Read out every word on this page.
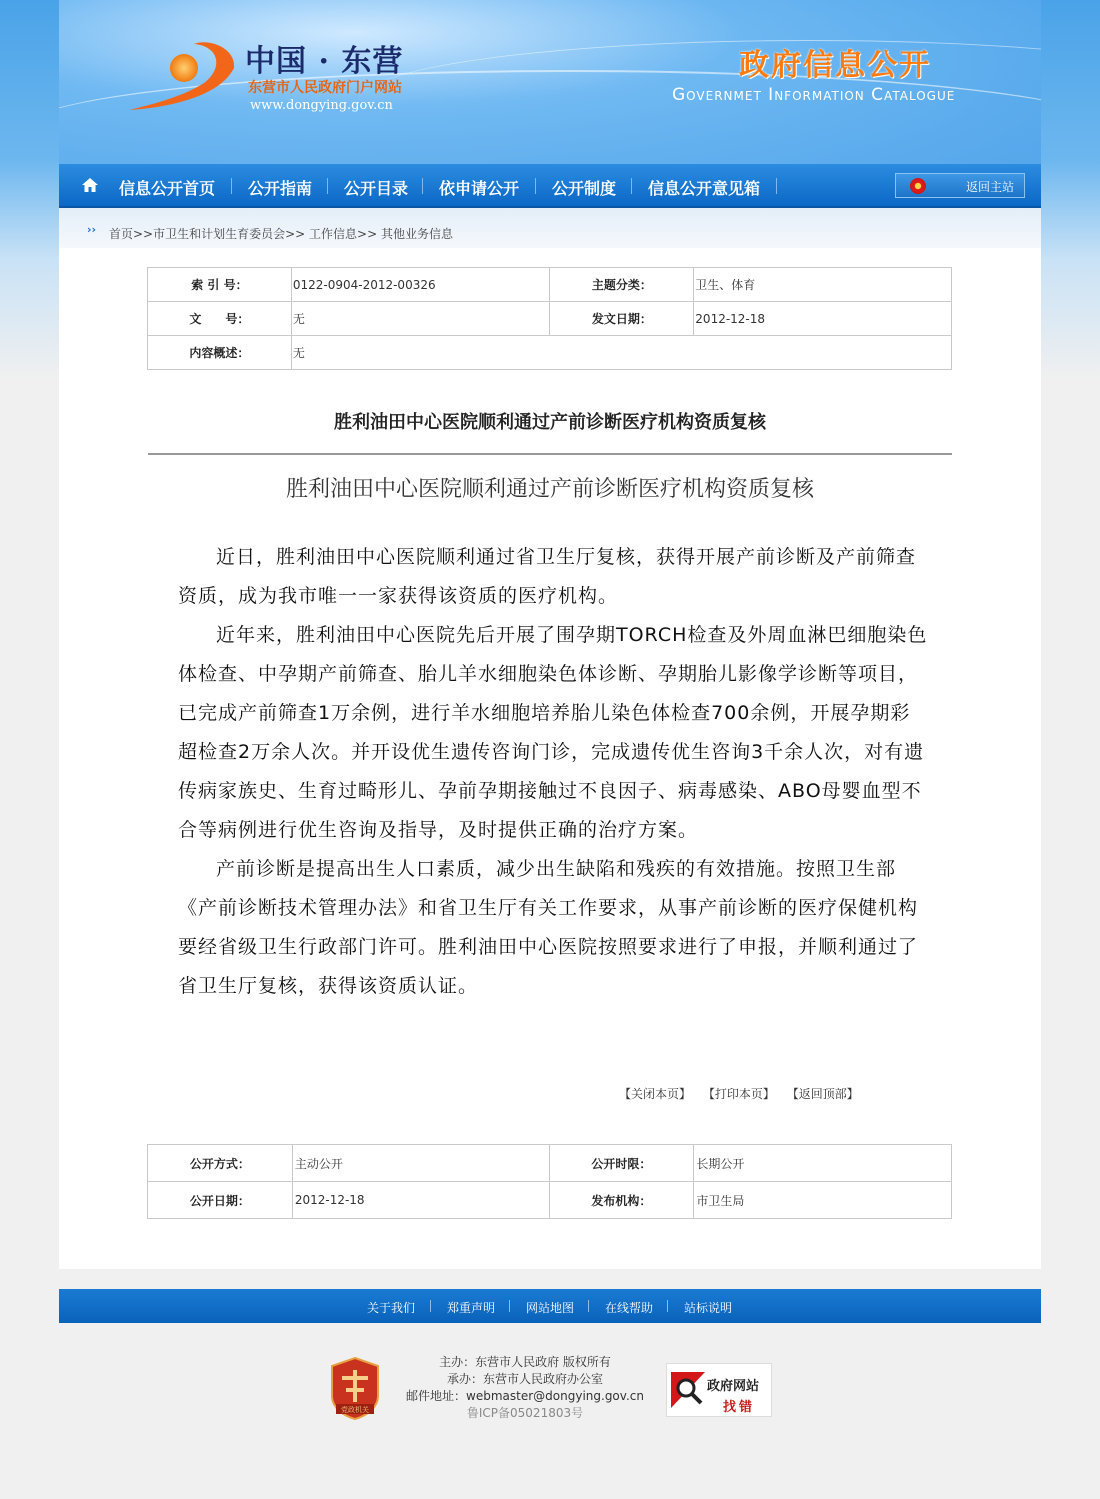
中国 · 东营
东营市人民政府门户网站
www.dongying.gov.cn
政府信息公开
Governmet Information Catalogue
信息公开首页 公开指南 公开目录 依申请公开 公开制度 信息公开意见箱	返回主站
›› 首页>>市卫生和计划生育委员会>> 工作信息>> 其他业务信息
索 引 号：	0122-0904-2012-00326	主题分类：	卫生、体育
文　　号：	无	发文日期：	2012-12-18
内容概述：	无		
胜利油田中心医院顺利通过产前诊断医疗机构资质复核
胜利油田中心医院顺利通过产前诊断医疗机构资质复核

近日，胜利油田中心医院顺利通过省卫生厅复核，获得开展产前诊断及产前筛查资质，成为我市唯一一家获得该资质的医疗机构。

近年来，胜利油田中心医院先后开展了围孕期TORCH检查及外周血淋巴细胞染色体检查、中孕期产前筛查、胎儿羊水细胞染色体诊断、孕期胎儿影像学诊断等项目，已完成产前筛查1万余例，进行羊水细胞培养胎儿染色体检查700余例，开展孕期彩超检查2万余人次。并开设优生遗传咨询门诊，完成遗传优生咨询3千余人次，对有遗传病家族史、生育过畸形儿、孕前孕期接触过不良因子、病毒感染、ABO母婴血型不合等病例进行优生咨询及指导，及时提供正确的治疗方案。

产前诊断是提高出生人口素质，减少出生缺陷和残疾的有效措施。按照卫生部《产前诊断技术管理办法》和省卫生厅有关工作要求，从事产前诊断的医疗保健机构要经省级卫生行政部门许可。胜利油田中心医院按照要求进行了申报，并顺利通过了省卫生厅复核，获得该资质认证。

【关闭本页】 【打印本页】 【返回顶部】
公开方式：	主动公开	公开时限：	长期公开
公开日期：	2012-12-18	发布机构：	市卫生局
关于我们	郑重声明	网站地图	在线帮助	站标说明
党政机关
主办：东营市人民政府 版权所有
承办：东营市人民政府办公室
邮件地址：webmaster@dongying.gov.cn
鲁ICP备05021803号
政府网站
找错
